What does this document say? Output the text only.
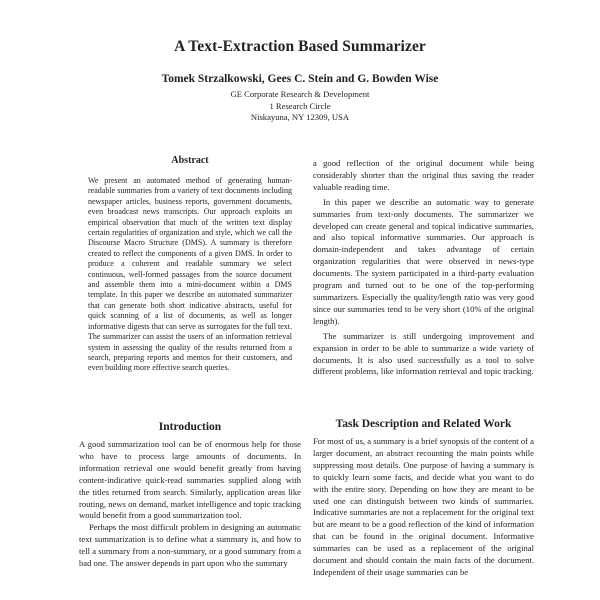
A Text-Extraction Based Summarizer
Tomek Strzalkowski, Gees C. Stein and G. Bowden Wise
GE Corporate Research & Development
1 Research Circle
Niskayuna, NY 12309, USA
Abstract

We present an automated method of generating human-readable summaries from a variety of text documents including newspaper articles, business reports, government documents, even broadcast news transcripts. Our approach exploits an empirical observation that much of the written text display certain regularities of organization and style, which we call the Discourse Macro Structure (DMS). A summary is therefore created to reflect the components of a given DMS. In order to produce a coherent and readable summary we select continuous, well-formed passages from the source document and assemble them into a mini-document within a DMS template. In this paper we describe an automated summarizer that can generate both short indicative abstracts, useful for quick scanning of a list of documents, as well as longer informative digests that can serve as surrogates for the full text. The summarizer can assist the users of an information retrieval system in assessing the quality of the results returned from a search, preparing reports and memos for their customers, and even building more effective search queries.

Introduction

A good summarization tool can be of enormous help for those who have to process large amounts of documents. In information retrieval one would benefit greatly from having content-indicative quick-read summaries supplied along with the titles returned from search. Similarly, application areas like routing, news on demand, market intelligence and topic tracking would benefit from a good summarization tool.

Perhaps the most difficult problem in designing an automatic text summarization is to define what a summary is, and how to tell a summary from a non-summary, or a good summary from a bad one. The answer depends in part upon who the summary

a good reflection of the original document while being considerably shorter than the original thus saving the reader valuable reading time.

In this paper we describe an automatic way to generate summaries from text-only documents. The summarizer we developed can create general and topical indicative summaries, and also topical informative summaries. Our approach is domain-independent and takes advantage of certain organization regularities that were observed in news-type documents. The system participated in a third-party evaluation program and turned out to be one of the top-performing summarizers. Especially the quality/length ratio was very good since our summaries tend to be very short (10% of the original length).

The summarizer is still undergoing improvement and expansion in order to be able to summarize a wide variety of documents. It is also used successfully as a tool to solve different problems, like information retrieval and topic tracking.

Task Description and Related Work

For most of us, a summary is a brief synopsis of the content of a larger document, an abstract recounting the main points while suppressing most details. One purpose of having a summary is to quickly learn some facts, and decide what you want to do with the entire story. Depending on how they are meant to be used one can distinguish between two kinds of summaries. Indicative summaries are not a replacement for the original text but are meant to be a good reflection of the kind of information that can be found in the original document. Informative summaries can be used as a replacement of the original document and should contain the main facts of the document. Independent of their usage summaries can be
